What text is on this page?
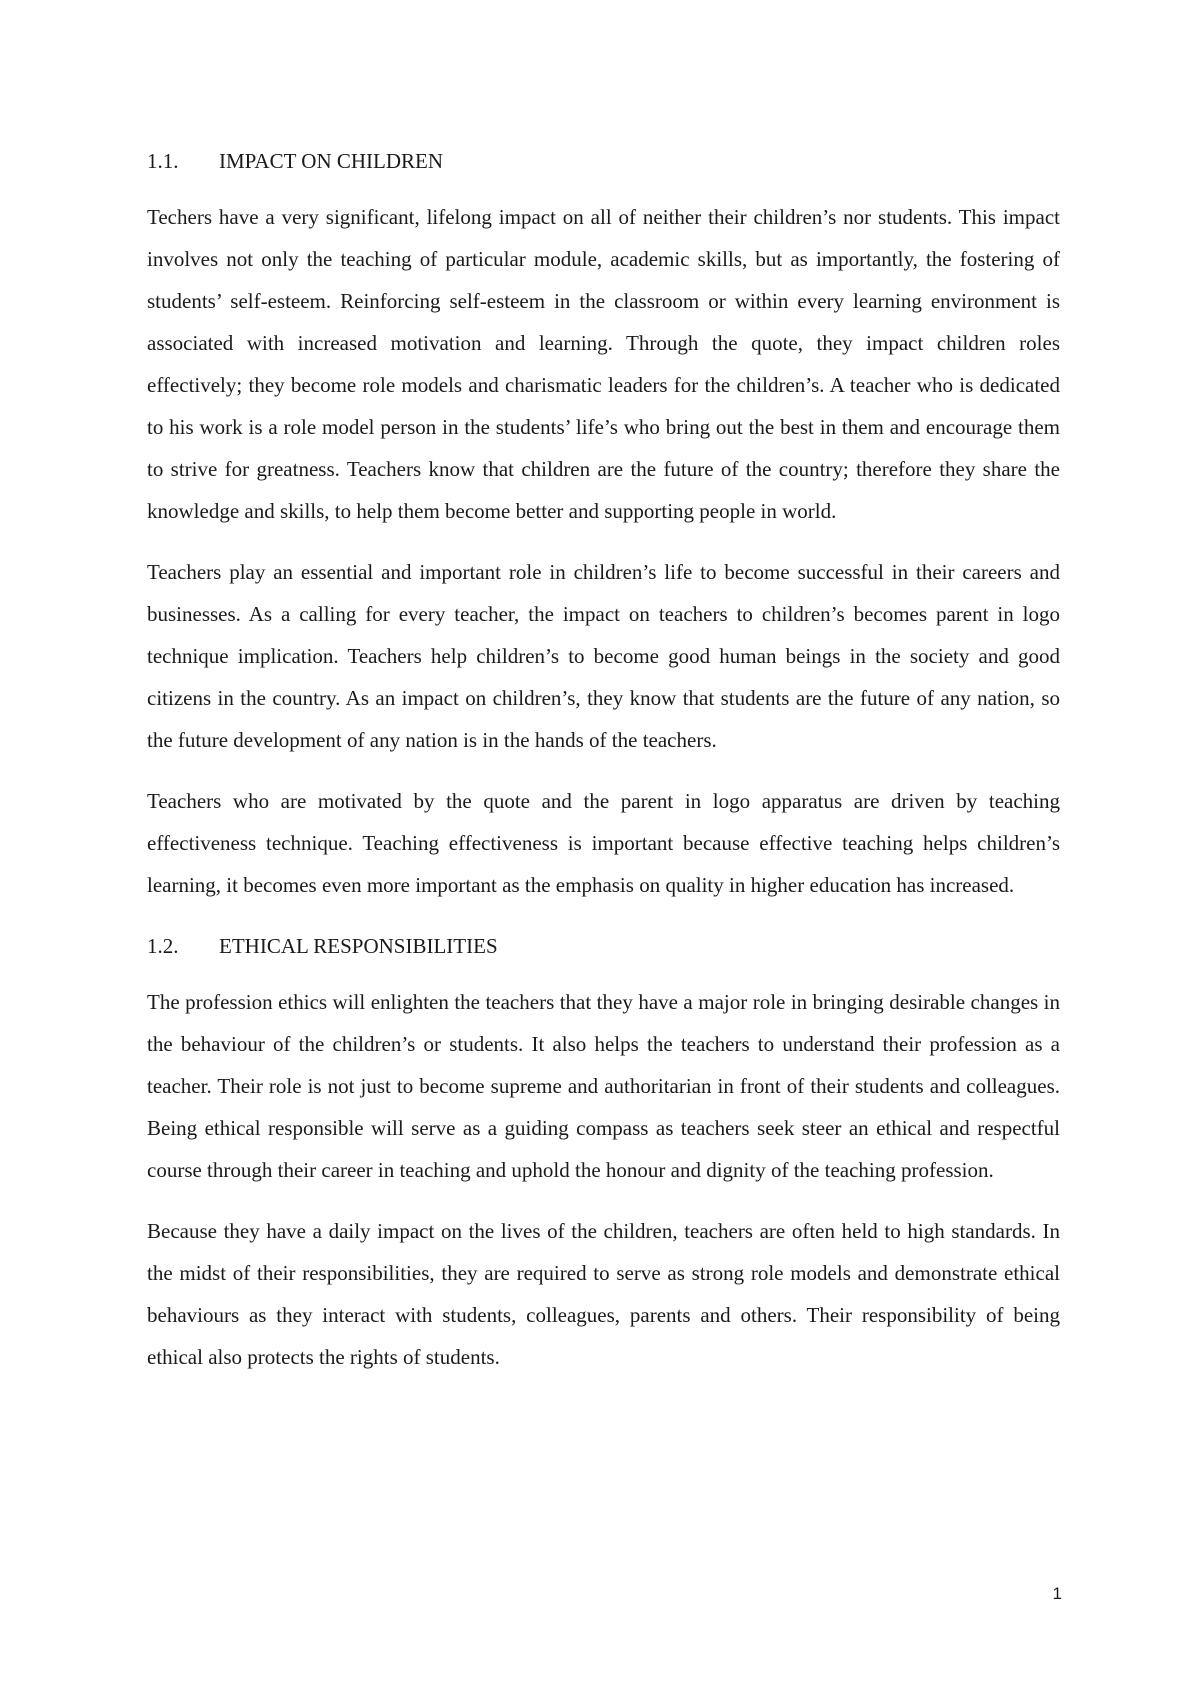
1.1.	IMPACT ON CHILDREN

Techers have a very significant, lifelong impact on all of neither their children’s nor students. This impact involves not only the teaching of particular module, academic skills, but as importantly, the fostering of students’ self-esteem. Reinforcing self-esteem in the classroom or within every learning environment is associated with increased motivation and learning. Through the quote, they impact children roles effectively; they become role models and charismatic leaders for the children’s. A teacher who is dedicated to his work is a role model person in the students’ life’s who bring out the best in them and encourage them to strive for greatness. Teachers know that children are the future of the country; therefore they share the knowledge and skills, to help them become better and supporting people in world.

Teachers play an essential and important role in children’s life to become successful in their careers and businesses. As a calling for every teacher, the impact on teachers to children’s becomes parent in logo technique implication. Teachers help children’s to become good human beings in the society and good citizens in the country. As an impact on children’s, they know that students are the future of any nation, so the future development of any nation is in the hands of the teachers.

Teachers who are motivated by the quote and the parent in logo apparatus are driven by teaching effectiveness technique. Teaching effectiveness is important because effective teaching helps children’s learning, it becomes even more important as the emphasis on quality in higher education has increased.

1.2.	ETHICAL RESPONSIBILITIES

The profession ethics will enlighten the teachers that they have a major role in bringing desirable changes in the behaviour of the children’s or students. It also helps the teachers to understand their profession as a teacher. Their role is not just to become supreme and authoritarian in front of their students and colleagues. Being ethical responsible will serve as a guiding compass as teachers seek steer an ethical and respectful course through their career in teaching and uphold the honour and dignity of the teaching profession.

Because they have a daily impact on the lives of the children, teachers are often held to high standards. In the midst of their responsibilities, they are required to serve as strong role models and demonstrate ethical behaviours as they interact with students, colleagues, parents and others. Their responsibility of being ethical also protects the rights of students.

1
